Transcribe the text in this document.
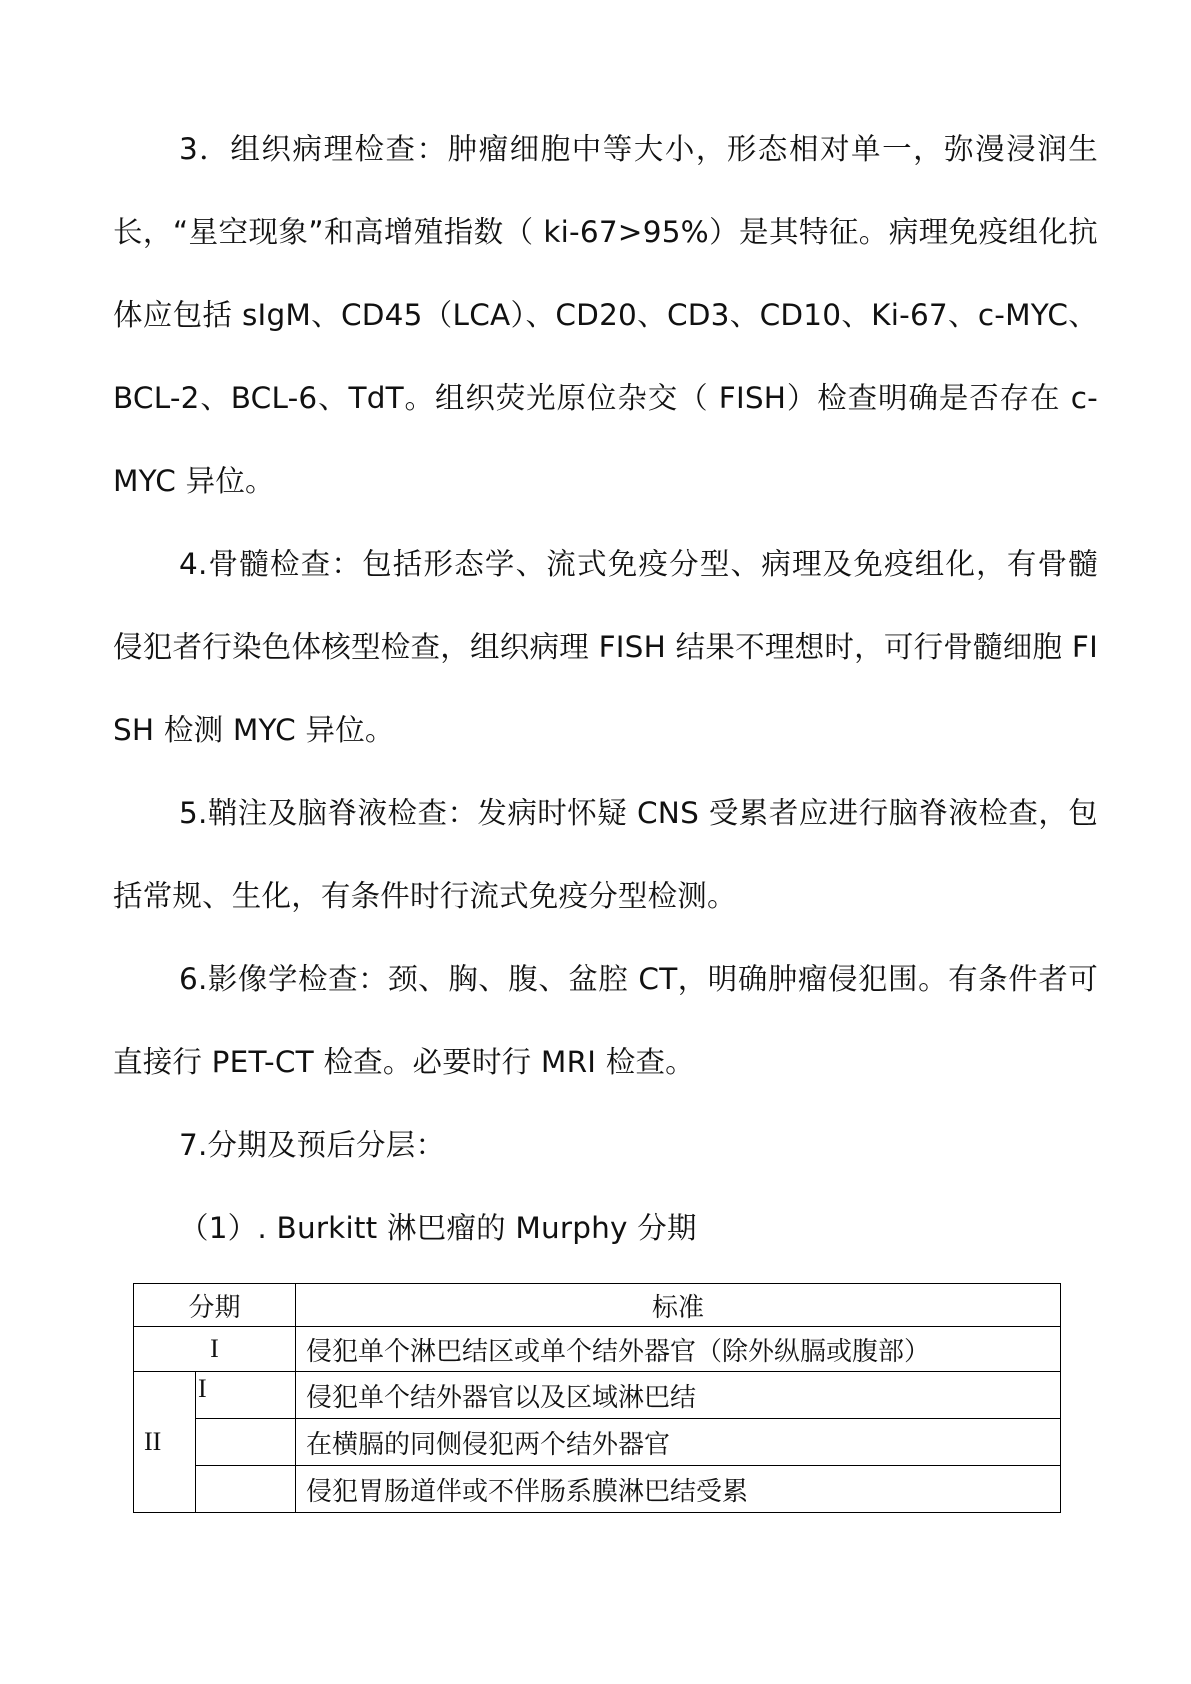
3．组织病理检查：肿瘤细胞中等大小，形态相对单一，弥漫浸润生长，“星空现象”和高增殖指数（ ki-67>95%）是其特征。病理免疫组化抗体应包括 sIgM、CD45（LCA）、CD20、CD3、CD10、Ki-67、c-MYC、BCL-2、BCL-6、TdT。组织荧光原位杂交（ FISH）检查明确是否存在 c-MYC 异位。

4.骨髓检查：包括形态学、流式免疫分型、病理及免疫组化，有骨髓侵犯者行染色体核型检查，组织病理 FISH 结果不理想时，可行骨髓细胞 FISH 检测 MYC 异位。

5.鞘注及脑脊液检查：发病时怀疑 CNS 受累者应进行脑脊液检查，包括常规、生化，有条件时行流式免疫分型检测。

6.影像学检查：颈、胸、腹、盆腔 CT，明确肿瘤侵犯围。有条件者可直接行 PET-CT 检查。必要时行 MRI 检查。

7.分期及预后分层：

（1）. Burkitt 淋巴瘤的 Murphy 分期

分期		标准
I		侵犯单个淋巴结区或单个结外器官（除外纵膈或腹部）
II	I	侵犯单个结外器官以及区域淋巴结
		在横膈的同侧侵犯两个结外器官
		侵犯胃肠道伴或不伴肠系膜淋巴结受累
